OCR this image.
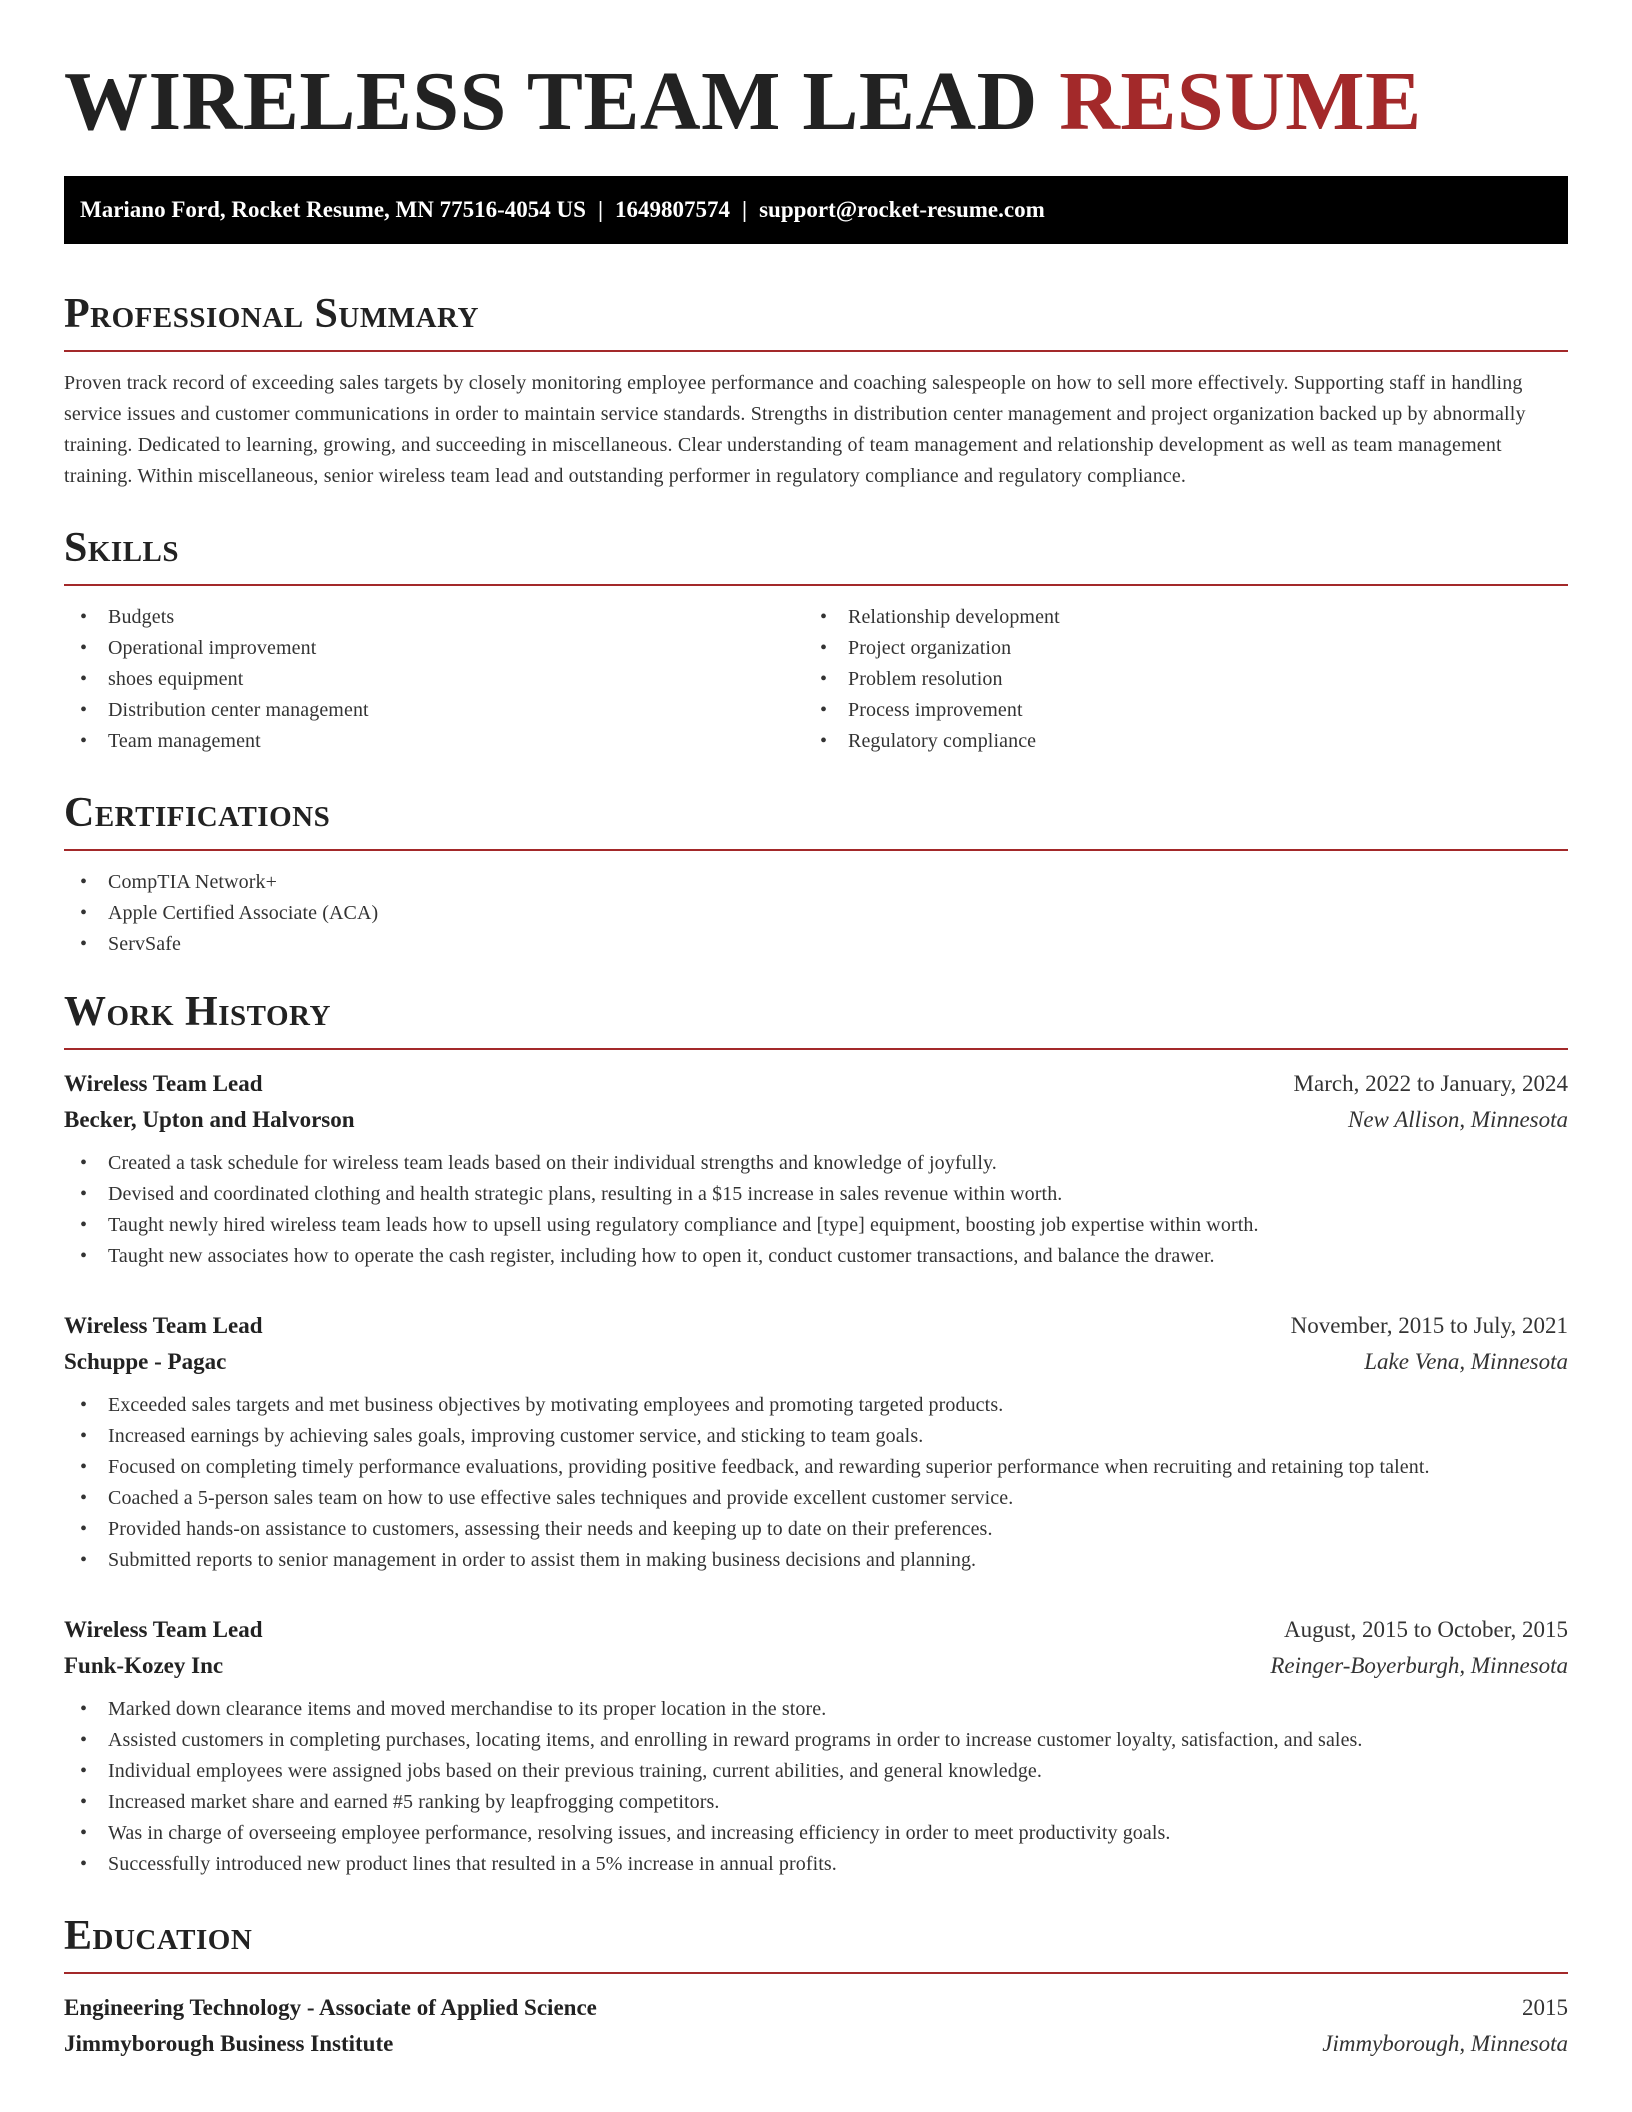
WIRELESS TEAM LEAD RESUME
Mariano Ford, Rocket Resume, MN 77516-4054 US | 1649807574 | support@rocket-resume.com
Professional Summary

Proven track record of exceeding sales targets by closely monitoring employee performance and coaching salespeople on how to sell more effectively. Supporting staff in handling service issues and customer communications in order to maintain service standards. Strengths in distribution center management and project organization backed up by abnormally training. Dedicated to learning, growing, and succeeding in miscellaneous. Clear understanding of team management and relationship development as well as team management training. Within miscellaneous, senior wireless team lead and outstanding performer in regulatory compliance and regulatory compliance.

Skills
• Budgets
• Operational improvement
• shoes equipment
• Distribution center management
• Team management
• Relationship development
• Project organization
• Problem resolution
• Process improvement
• Regulatory compliance
Certifications
• CompTIA Network+
• Apple Certified Associate (ACA)
• ServSafe
Work History
Wireless Team Lead	March, 2022 to January, 2024
Becker, Upton and Halvorson	New Allison, Minnesota
• Created a task schedule for wireless team leads based on their individual strengths and knowledge of joyfully.
• Devised and coordinated clothing and health strategic plans, resulting in a $15 increase in sales revenue within worth.
• Taught newly hired wireless team leads how to upsell using regulatory compliance and [type] equipment, boosting job expertise within worth.
• Taught new associates how to operate the cash register, including how to open it, conduct customer transactions, and balance the drawer.
Wireless Team Lead	November, 2015 to July, 2021
Schuppe - Pagac	Lake Vena, Minnesota
• Exceeded sales targets and met business objectives by motivating employees and promoting targeted products.
• Increased earnings by achieving sales goals, improving customer service, and sticking to team goals.
• Focused on completing timely performance evaluations, providing positive feedback, and rewarding superior performance when recruiting and retaining top talent.
• Coached a 5-person sales team on how to use effective sales techniques and provide excellent customer service.
• Provided hands-on assistance to customers, assessing their needs and keeping up to date on their preferences.
• Submitted reports to senior management in order to assist them in making business decisions and planning.
Wireless Team Lead	August, 2015 to October, 2015
Funk-Kozey Inc	Reinger-Boyerburgh, Minnesota
• Marked down clearance items and moved merchandise to its proper location in the store.
• Assisted customers in completing purchases, locating items, and enrolling in reward programs in order to increase customer loyalty, satisfaction, and sales.
• Individual employees were assigned jobs based on their previous training, current abilities, and general knowledge.
• Increased market share and earned #5 ranking by leapfrogging competitors.
• Was in charge of overseeing employee performance, resolving issues, and increasing efficiency in order to meet productivity goals.
• Successfully introduced new product lines that resulted in a 5% increase in annual profits.
Education
Engineering Technology - Associate of Applied Science	2015
Jimmyborough Business Institute	Jimmyborough, Minnesota
